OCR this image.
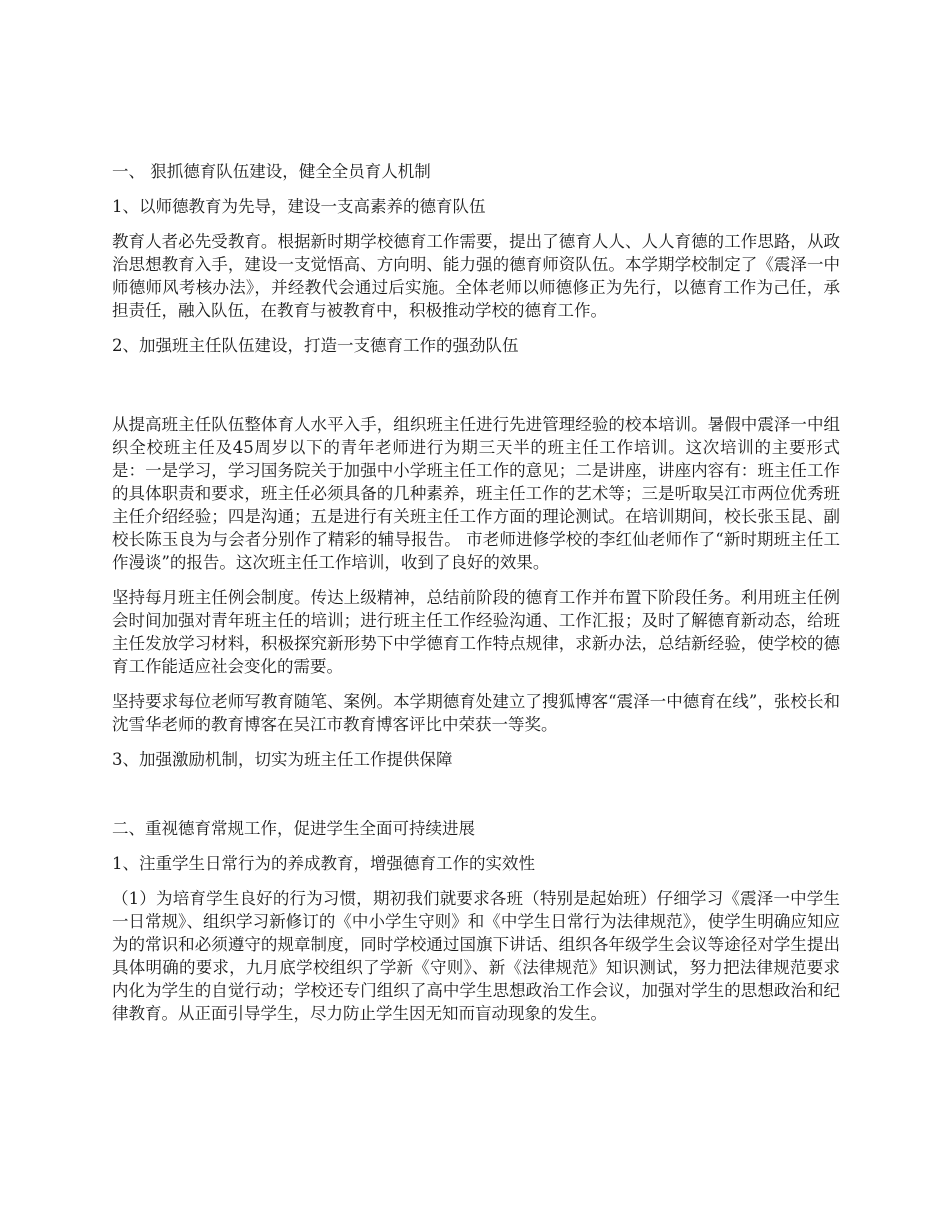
一、 狠抓德育队伍建设，健全全员育人机制

1、以师德教育为先导，建设一支高素养的德育队伍

教育人者必先受教育。根据新时期学校德育工作需要，提出了德育人人、人人育德的工作思路，从政治思想教育入手，建设一支觉悟高、方向明、能力强的德育师资队伍。本学期学校制定了《震泽一中师德师风考核办法》，并经教代会通过后实施。全体老师以师德修正为先行，以德育工作为己任，承担责任，融入队伍，在教育与被教育中，积极推动学校的德育工作。

2、加强班主任队伍建设，打造一支德育工作的强劲队伍

从提高班主任队伍整体育人水平入手，组织班主任进行先进管理经验的校本培训。暑假中震泽一中组织全校班主任及45周岁以下的青年老师进行为期三天半的班主任工作培训。这次培训的主要形式是：一是学习，学习国务院关于加强中小学班主任工作的意见；二是讲座，讲座内容有：班主任工作的具体职责和要求，班主任必须具备的几种素养，班主任工作的艺术等；三是听取吴江市两位优秀班主任介绍经验；四是沟通；五是进行有关班主任工作方面的理论测试。在培训期间，校长张玉昆、副校长陈玉良为与会者分别作了精彩的辅导报告。 市老师进修学校的李红仙老师作了“新时期班主任工作漫谈”的报告。这次班主任工作培训，收到了良好的效果。

坚持每月班主任例会制度。传达上级精神，总结前阶段的德育工作并布置下阶段任务。利用班主任例会时间加强对青年班主任的培训；进行班主任工作经验沟通、工作汇报；及时了解德育新动态，给班主任发放学习材料，积极探究新形势下中学德育工作特点规律，求新办法，总结新经验，使学校的德育工作能适应社会变化的需要。

坚持要求每位老师写教育随笔、案例。本学期德育处建立了搜狐博客“震泽一中德育在线”，张校长和沈雪华老师的教育博客在吴江市教育博客评比中荣获一等奖。

3、加强激励机制，切实为班主任工作提供保障

二、重视德育常规工作，促进学生全面可持续进展

1、注重学生日常行为的养成教育，增强德育工作的实效性

（1）为培育学生良好的行为习惯，期初我们就要求各班（特别是起始班）仔细学习《震泽一中学生一日常规》、组织学习新修订的《中小学生守则》和《中学生日常行为法律规范》，使学生明确应知应为的常识和必须遵守的规章制度，同时学校通过国旗下讲话、组织各年级学生会议等途径对学生提出具体明确的要求，九月底学校组织了学新《守则》、新《法律规范》知识测试，努力把法律规范要求内化为学生的自觉行动；学校还专门组织了高中学生思想政治工作会议，加强对学生的思想政治和纪律教育。从正面引导学生，尽力防止学生因无知而盲动现象的发生。
